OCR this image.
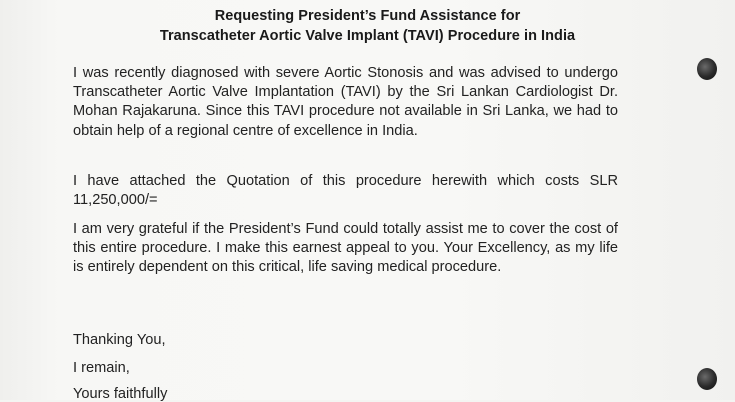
Requesting President’s Fund Assistance for
Transcatheter Aortic Valve Implant (TAVI) Procedure in India
I was recently diagnosed with severe Aortic Stonosis and was advised to undergo Transcatheter Aortic Valve Implantation (TAVI) by the Sri Lankan Cardiologist Dr. Mohan Rajakaruna. Since this TAVI procedure not available in Sri Lanka, we had to obtain help of a regional centre of excellence in India.
I have attached the Quotation of this procedure herewith which costs SLR 11,250,000/=
I am very grateful if the President’s Fund could totally assist me to cover the cost of this entire procedure. I make this earnest appeal to you. Your Excellency, as my life is entirely dependent on this critical, life saving medical procedure.
Thanking You,
I remain,
Yours faithfully
